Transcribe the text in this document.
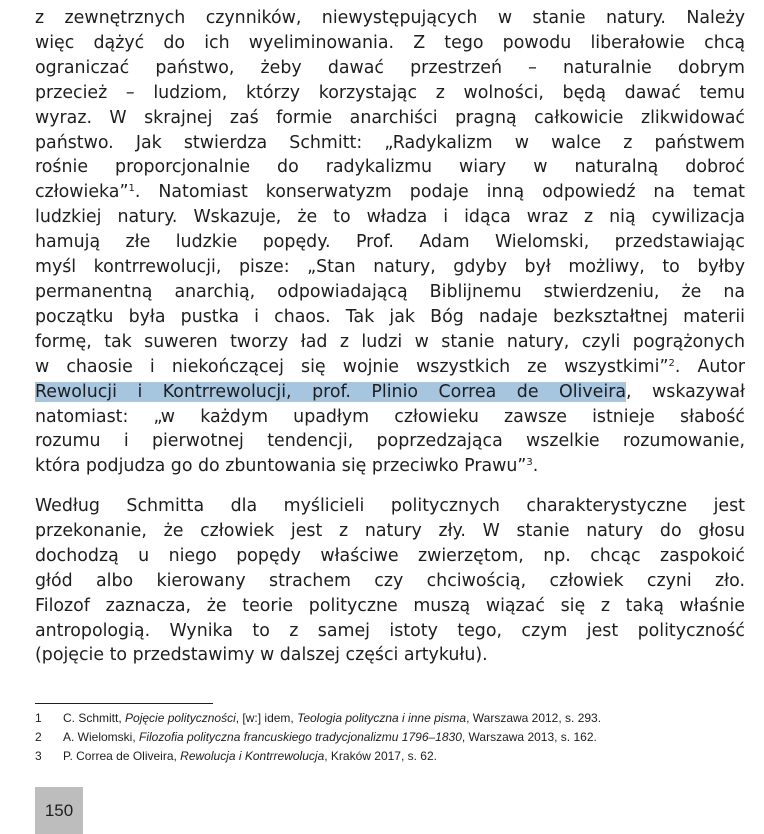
z zewnętrznych czynników, niewystępujących w stanie natury. Należy
więc dążyć do ich wyeliminowania. Z tego powodu liberałowie chcą
ograniczać państwo, żeby dawać przestrzeń – naturalnie dobrym
przecież – ludziom, którzy korzystając z wolności, będą dawać temu
wyraz. W skrajnej zaś formie anarchiści pragną całkowicie zlikwidować
państwo. Jak stwierdza Schmitt: „Radykalizm w walce z państwem
rośnie proporcjonalnie do radykalizmu wiary w naturalną dobroć
człowieka”$^1$. Natomiast konserwatyzm podaje inną odpowiedź na temat
ludzkiej natury. Wskazuje, że to władza i idąca wraz z nią cywilizacja
hamują złe ludzkie popędy. Prof. Adam Wielomski, przedstawiając
myśl kontrrewolucji, pisze: „Stan natury, gdyby był możliwy, to byłby
permanentną anarchią, odpowiadającą Biblijnemu stwierdzeniu, że na
początku była pustka i chaos. Tak jak Bóg nadaje bezkształtnej materii
formę, tak suweren tworzy ład z ludzi w stanie natury, czyli pogrążonych
w chaosie i niekończącej się wojnie wszystkich ze wszystkimi”$^2$. Autor
Rewolucji i Kontrrewolucji, prof. Plinio Correa de Oliveira, wskazywał
natomiast: „w każdym upadłym człowieku zawsze istnieje słabość
rozumu i pierwotnej tendencji, poprzedzająca wszelkie rozumowanie,
która podjudza go do zbuntowania się przeciwko Prawu”$^3$.
Według Schmitta dla myślicieli politycznych charakterystyczne jest
przekonanie, że człowiek jest z natury zły. W stanie natury do głosu
dochodzą u niego popędy właściwe zwierzętom, np. chcąc zaspokoić
głód albo kierowany strachem czy chciwością, człowiek czyni zło.
Filozof zaznacza, że teorie polityczne muszą wiązać się z taką właśnie
antropologią. Wynika to z samej istoty tego, czym jest polityczność
(pojęcie to przedstawimy w dalszej części artykułu).
1	C. Schmitt, Pojęcie polityczności, [w:] idem, Teologia polityczna i inne pisma, Warszawa 2012, s. 293.
2	A. Wielomski, Filozofia polityczna francuskiego tradycjonalizmu 1796–1830, Warszawa 2013, s. 162.
3	P. Correa de Oliveira, Rewolucja i Kontrrewolucja, Kraków 2017, s. 62.
150
